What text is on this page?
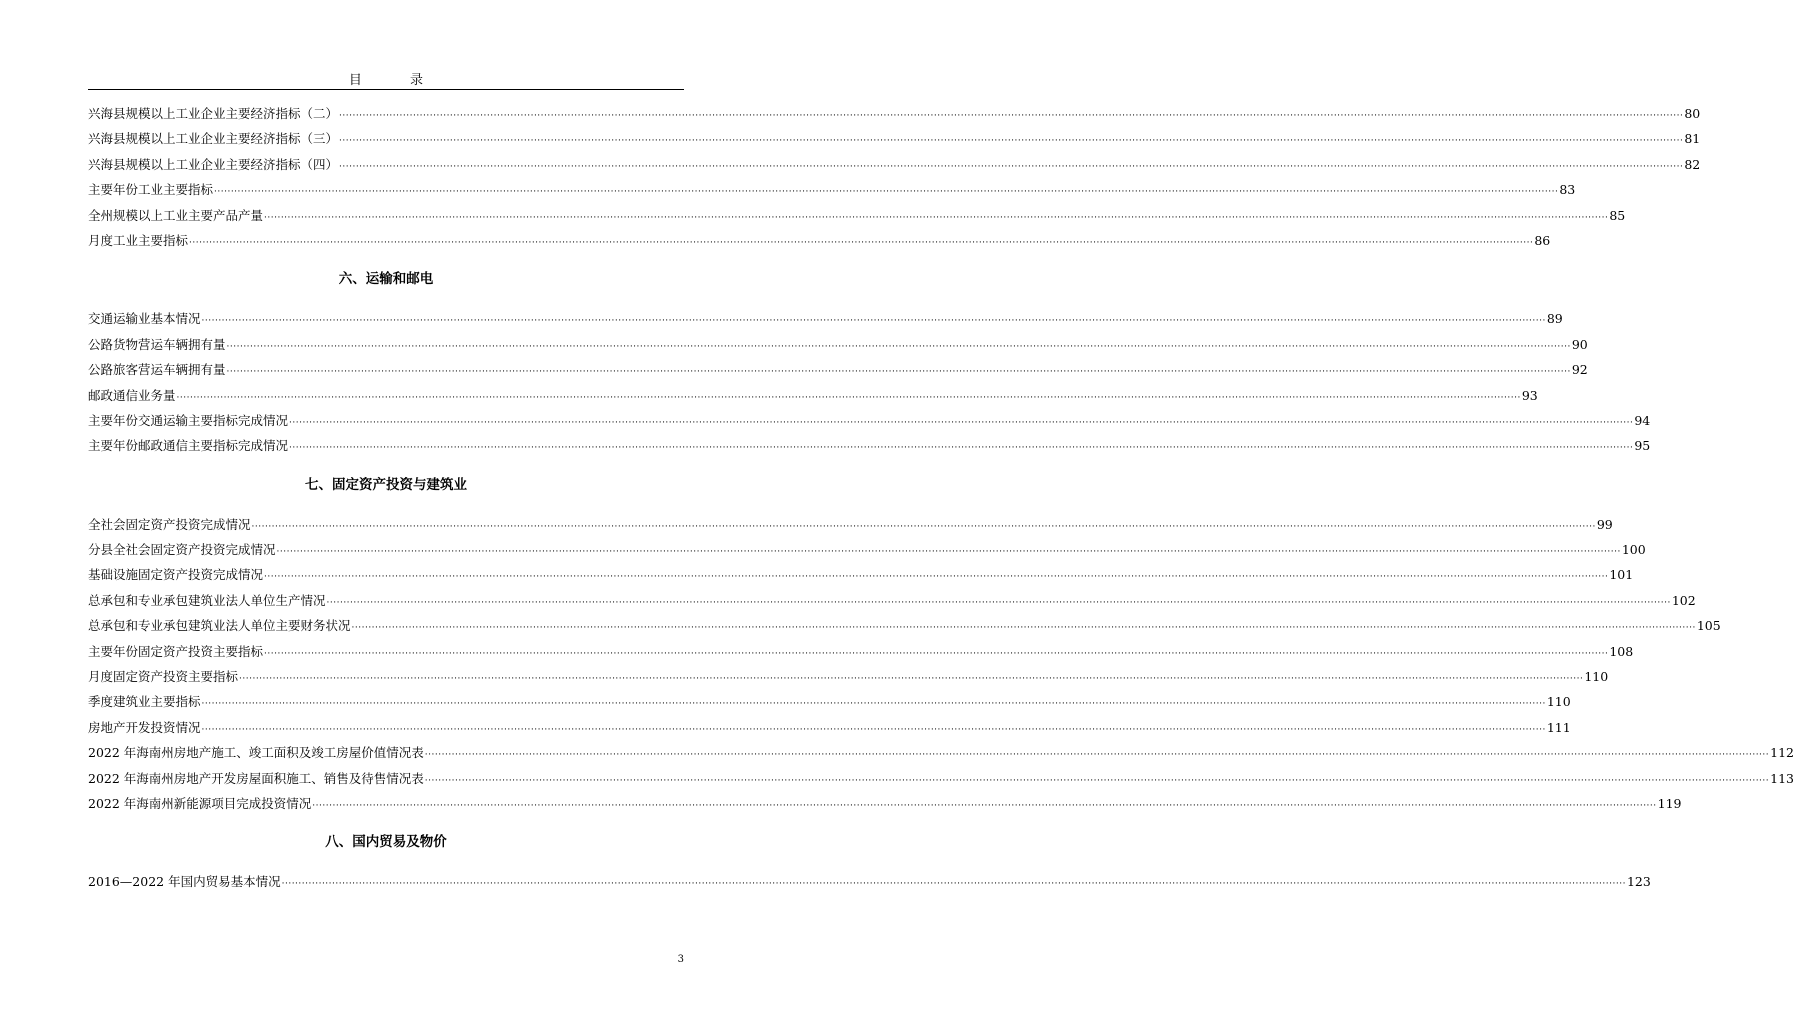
目 录
兴海县规模以上工业企业主要经济指标（二） ················································································································································································································································································································································································································ 80
兴海县规模以上工业企业主要经济指标（三） ················································································································································································································································································································································································································ 81
兴海县规模以上工业企业主要经济指标（四） ················································································································································································································································································································································································································ 82
主要年份工业主要指标 ················································································································································································································································································································································································································ 83
全州规模以上工业主要产品产量 ················································································································································································································································································································································································································ 85
月度工业主要指标 ················································································································································································································································································································································································································ 86
六、运输和邮电
交通运输业基本情况 ················································································································································································································································································································································································································ 89
公路货物营运车辆拥有量 ················································································································································································································································································································································································································ 90
公路旅客营运车辆拥有量 ················································································································································································································································································································································································································ 92
邮政通信业务量 ················································································································································································································································································································································································································ 93
主要年份交通运输主要指标完成情况 ················································································································································································································································································································································································································ 94
主要年份邮政通信主要指标完成情况 ················································································································································································································································································································································································································ 95
七、固定资产投资与建筑业
全社会固定资产投资完成情况 ················································································································································································································································································································································································································ 99
分县全社会固定资产投资完成情况 ················································································································································································································································································································································································································ 100
基础设施固定资产投资完成情况 ················································································································································································································································································································································································································ 101
总承包和专业承包建筑业法人单位生产情况 ················································································································································································································································································································································································································ 102
总承包和专业承包建筑业法人单位主要财务状况 ················································································································································································································································································································································································································ 105
主要年份固定资产投资主要指标 ················································································································································································································································································································································································································ 108
月度固定资产投资主要指标 ················································································································································································································································································································································································································ 110
季度建筑业主要指标 ················································································································································································································································································································································································································ 110
房地产开发投资情况 ················································································································································································································································································································································································································ 111
2022 年海南州房地产施工、竣工面积及竣工房屋价值情况表 ················································································································································································································································································································································································································ 112
2022 年海南州房地产开发房屋面积施工、销售及待售情况表 ················································································································································································································································································································································································································ 113
2022 年海南州新能源项目完成投资情况 ················································································································································································································································································································································································································ 119
八、国内贸易及物价
2016—2022 年国内贸易基本情况 ················································································································································································································································································································································································································ 123
3
